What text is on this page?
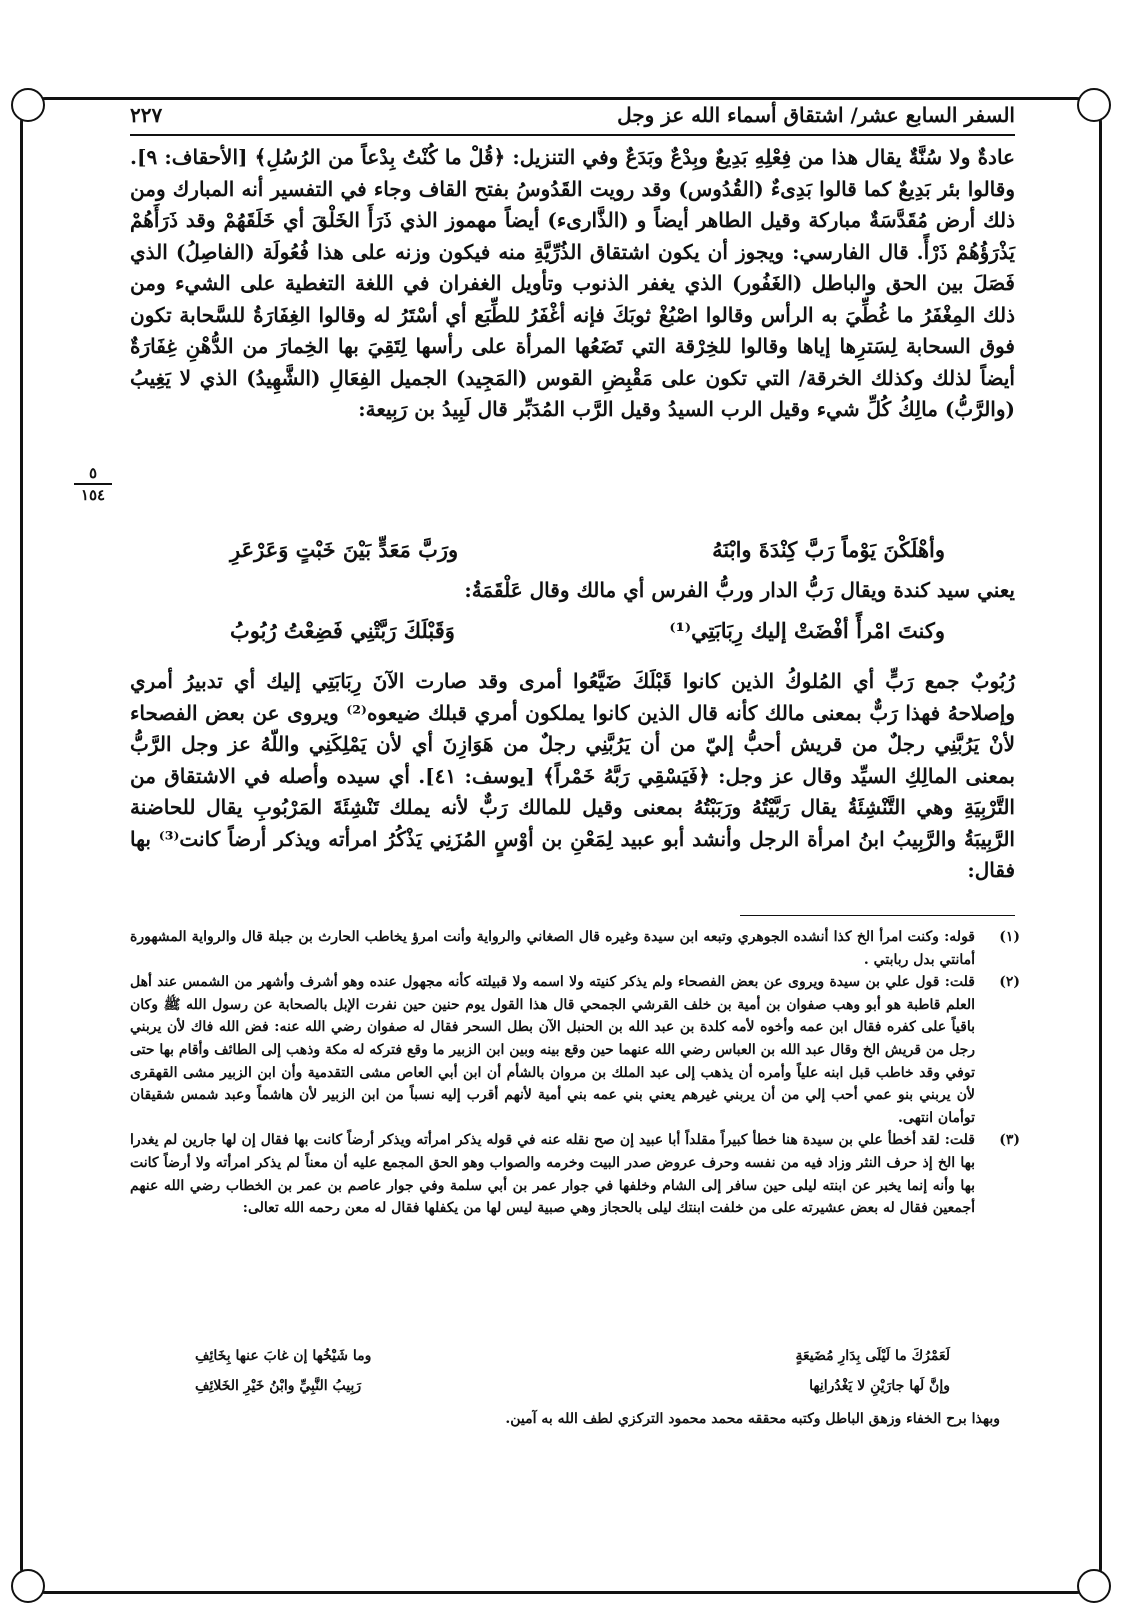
السفر السابع عشر/ اشتقاق أسماء الله عز وجل
٢٢٧

عادةٌ ولا سُنَّةٌ يقال هذا من فِعْلِهِ بَدِيعٌ وبِدْعٌ وبَدَعٌ وفي التنزيل: ﴿قُلْ ما كُنْتُ بِدْعاً من الرُسُلِ﴾ [الأحقاف: ٩]. وقالوا بئر بَدِيعٌ كما قالوا بَدِىءٌ (القُدُوس) وقد رويت القَدُوسُ بفتح القاف وجاء في التفسير أنه المبارك ومن ذلك أرض مُقَدَّسَةٌ مباركة وقيل الطاهر أيضاً و (الذَّارىء) أيضاً مهموز الذي ذَرَأَ الخَلْقَ أي خَلَقَهُمْ وقد ذَرَأَهُمْ يَذْرَؤُهُمْ ذَرْأً. قال الفارسي: ويجوز أن يكون اشتقاق الذُرِّيَّةِ منه فيكون وزنه على هذا فُعُولَة (الفاصِلُ) الذي فَصَلَ بين الحق والباطل (الغَفُور) الذي يغفر الذنوب وتأويل الغفران في اللغة التغطية على الشيء ومن ذلك المِغْفَرُ ما غُطِّيَ به الرأس وقالوا اصْبُغْ ثوبَكَ فإنه أغْفَرُ للطِّبَع أي أسْتَرُ له وقالوا الغِفَارَةُ للسَّحابة تكون فوق السحابة لِسَترِها إياها وقالوا للخِرْقة التي تَضَعُها المرأة على رأسها لِتَقِيَ بها الخِمارَ من الدُّهْنِ غِفَارَةٌ أيضاً لذلك وكذلك الخرقة/ التي تكون على مَقْبِضِ القوس (المَجِيد) الجميل الفِعَالِ (الشَّهِيدُ) الذي لا يَغِيبُ (والرَّبُّ) مالِكُ كُلِّ شيء وقيل الرب السيدُ وقيل الرَّب المُدَبِّر قال لَبِيدُ بن رَبِيعة:

٥
١٥٤
وأهْلَكْنَ يَوْماً رَبَّ كِنْدَةَ وابْنَهُ
ورَبَّ مَعَدٍّ بَيْنَ خَبْتٍ وَعَرْعَرِ

يعني سيد كندة ويقال رَبُّ الدار وربُّ الفرس أي مالك وقال عَلْقَمَةُ:

وكنتَ امْرأً أفْضَتْ إليك رِبَابَتِي⁽¹⁾
وَقَبْلَكَ رَبَّتْنِي فَضِعْتُ رُبُوبُ

رُبُوبٌ جمع رَبٍّ أي المُلوكُ الذين كانوا قَبْلَكَ ضَيَّعُوا أمرى وقد صارت الآنَ رِبَابَتِي إليك أي تدبيرُ أمري وإصلاحهُ فهذا رَبٌّ بمعنى مالك كأنه قال الذين كانوا يملكون أمري قبلك ضيعوه⁽²⁾ ويروى عن بعض الفصحاء لأنْ يَرُبَّنِي رجلٌ من قريش أحبُّ إليّ من أن يَرُبَّنِي رجلٌ من هَوَازِنَ أي لأن يَمْلِكَنِي واللّهُ عز وجل الرَّبُّ بمعنى المالِكِ السيِّد وقال عز وجل: ﴿فَيَسْقِي رَبَّهُ خَمْراً﴾ [يوسف: ٤١]. أي سيده وأصله في الاشتقاق من التَّرْبِيَةِ وهي التَّنْشِئَةُ يقال رَبَّيْتُهُ ورَبَبْتُهُ بمعنى وقيل للمالك رَبٌّ لأنه يملك تَنْشِئَةَ المَرْبُوبِ يقال للحاضنة الرَّبِيبَةُ والرَّبِيبُ ابنُ امرأة الرجل وأنشد أبو عبيد لِمَعْنِ بن أوْسٍ المُزَنِي يَذْكُرُ امرأته ويذكر أرضاً كانت⁽³⁾ بها فقال:

(١)
قوله: وكنت امرأ الخ كذا أنشده الجوهري وتبعه ابن سيدة وغيره قال الصغاني والرواية وأنت امرؤ يخاطب الحارث بن جبلة قال والرواية المشهورة أمانتي بدل ربابتي .
(٢)
قلت: قول علي بن سيدة ويروى عن بعض الفصحاء ولم يذكر كنيته ولا اسمه ولا قبيلته كأنه مجهول عنده وهو أشرف وأشهر من الشمس عند أهل العلم قاطبة هو أبو وهب صفوان بن أمية بن خلف القرشي الجمحي قال هذا القول يوم حنين حين نفرت الإبل بالصحابة عن رسول الله ﷺ وكان باقياً على كفره فقال ابن عمه وأخوه لأمه كلدة بن عبد الله بن الحنبل الآن بطل السحر فقال له صفوان رضي الله عنه: فض الله فاك لأن يربني رجل من قريش الخ وقال عبد الله بن العباس رضي الله عنهما حين وقع بينه وبين ابن الزبير ما وقع فتركه له مكة وذهب إلى الطائف وأقام بها حتى توفي وقد خاطب قبل ابنه علياً وأمره أن يذهب إلى عبد الملك بن مروان بالشأم أن ابن أبي العاص مشى التقدمية وأن ابن الزبير مشى القهقرى لأن يربني بنو عمي أحب إلي من أن يربني غيرهم يعني بني عمه بني أمية لأنهم أقرب إليه نسباً من ابن الزبير لأن هاشماً وعبد شمس شقيقان توأمان انتهى.
(٣)
قلت: لقد أخطأ علي بن سيدة هنا خطأ كبيراً مقلداً أبا عبيد إن صح نقله عنه في قوله يذكر امرأته ويذكر أرضاً كانت بها فقال إن لها جارين لم يغدرا بها الخ إذ حرف النثر وزاد فيه من نفسه وحرف عروض صدر البيت وخرمه والصواب وهو الحق المجمع عليه أن معناً لم يذكر امرأته ولا أرضاً كانت بها وأنه إنما يخبر عن ابنته ليلى حين سافر إلى الشام وخلفها في جوار عمر بن أبي سلمة وفي جوار عاصم بن عمر بن الخطاب رضي الله عنهم أجمعين فقال له بعض عشيرته على من خلفت ابنتك ليلى بالحجاز وهي صبية ليس لها من يكفلها فقال له معن رحمه الله تعالى:
لَعَمْرُكَ ما لَيْلَى بِدَارِ مُضَيعَةٍ
وما شَيْخُها إن غابَ عنها بِخَائِفِ
وإنَّ لَها جارَيْنِ لا يَغْدُرانِها
رَبِيبُ النَّبِيِّ وابْنُ خَيْرِ الخَلائِفِ
وبهذا برح الخفاء وزهق الباطل وكتبه محققه محمد محمود التركزي لطف الله به آمين.
